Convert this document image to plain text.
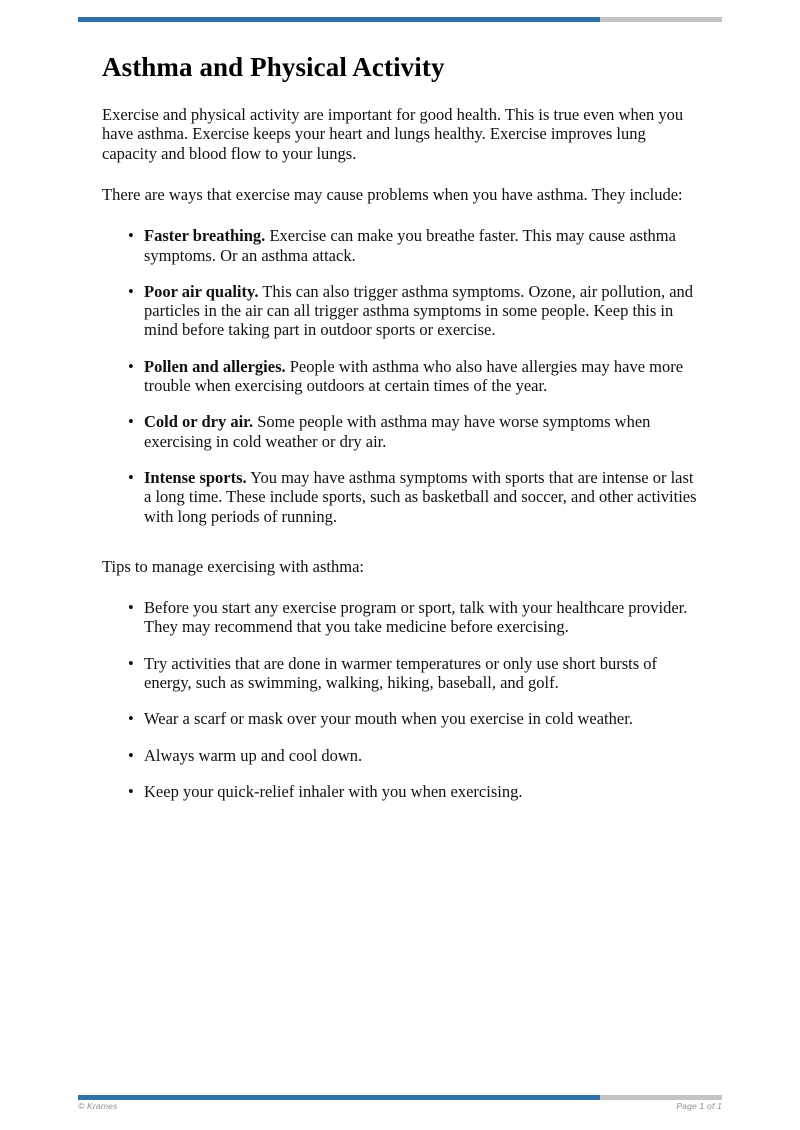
Asthma and Physical Activity

Exercise and physical activity are important for good health. This is true even when you have asthma. Exercise keeps your heart and lungs healthy. Exercise improves lung capacity and blood flow to your lungs.

There are ways that exercise may cause problems when you have asthma. They include:

• Faster breathing. Exercise can make you breathe faster. This may cause asthma symptoms. Or an asthma attack.
• Poor air quality. This can also trigger asthma symptoms. Ozone, air pollution, and particles in the air can all trigger asthma symptoms in some people. Keep this in mind before taking part in outdoor sports or exercise.
• Pollen and allergies. People with asthma who also have allergies may have more trouble when exercising outdoors at certain times of the year.
• Cold or dry air. Some people with asthma may have worse symptoms when exercising in cold weather or dry air.
• Intense sports. You may have asthma symptoms with sports that are intense or last a long time. These include sports, such as basketball and soccer, and other activities with long periods of running.

Tips to manage exercising with asthma:

• Before you start any exercise program or sport, talk with your healthcare provider. They may recommend that you take medicine before exercising.
• Try activities that are done in warmer temperatures or only use short bursts of energy, such as swimming, walking, hiking, baseball, and golf.
• Wear a scarf or mask over your mouth when you exercise in cold weather.
• Always warm up and cool down.
• Keep your quick-relief inhaler with you when exercising.
© Krames	Page 1 of 1
